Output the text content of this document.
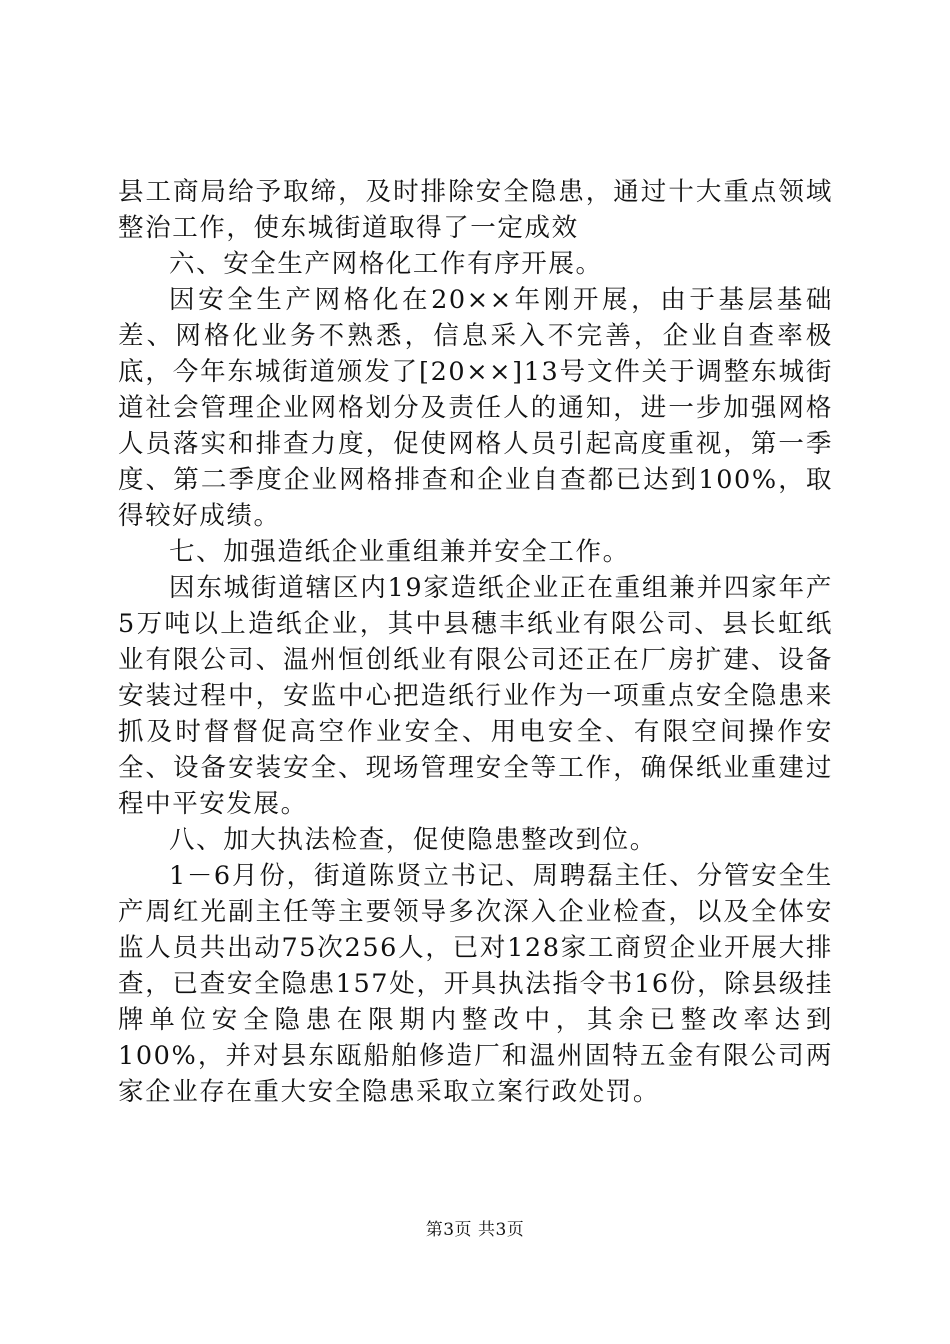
县工商局给予取缔，及时排除安全隐患，通过十大重点领域整治工作，使东城街道取得了一定成效

六、安全生产网格化工作有序开展。

因安全生产网格化在20××年刚开展，由于基层基础差、网格化业务不熟悉，信息采入不完善，企业自查率极底，今年东城街道颁发了[20××]13号文件关于调整东城街道社会管理企业网格划分及责任人的通知，进一步加强网格人员落实和排查力度，促使网格人员引起高度重视，第一季度、第二季度企业网格排查和企业自查都已达到100%，取得较好成绩。

七、加强造纸企业重组兼并安全工作。

因东城街道辖区内19家造纸企业正在重组兼并四家年产5万吨以上造纸企业，其中县穗丰纸业有限公司、县长虹纸业有限公司、温州恒创纸业有限公司还正在厂房扩建、设备安装过程中，安监中心把造纸行业作为一项重点安全隐患来抓及时督督促高空作业安全、用电安全、有限空间操作安全、设备安装安全、现场管理安全等工作，确保纸业重建过程中平安发展。

八、加大执法检查，促使隐患整改到位。

1－6月份，街道陈贤立书记、周聘磊主任、分管安全生产周红光副主任等主要领导多次深入企业检查，以及全体安监人员共出动75次256人，已对128家工商贸企业开展大排查，已查安全隐患157处，开具执法指令书16份，除县级挂牌单位安全隐患在限期内整改中，其余已整改率达到100%，并对县东瓯船舶修造厂和温州固特五金有限公司两家企业存在重大安全隐患采取立案行政处罚。

第3页 共3页
